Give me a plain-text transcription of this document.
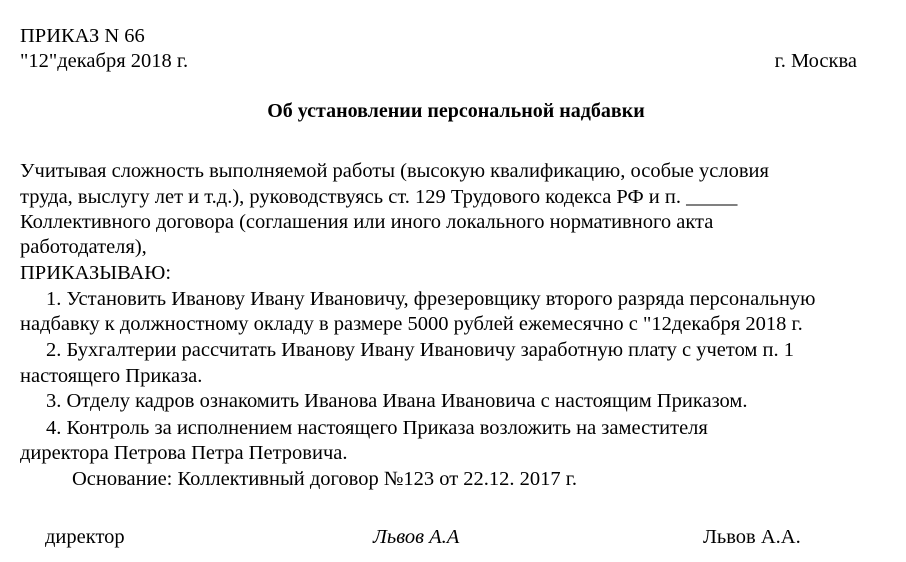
ПРИКАЗ N 66
"12"декабря 2018 г.	г. Москва
Об установлении персональной надбавки
Учитывая сложность выполняемой работы (высокую квалификацию, особые условия
труда, выслугу лет и т.д.), руководствуясь ст. 129 Трудового кодекса РФ и п. _____
Коллективного договора (соглашения или иного локального нормативного акта
работодателя),
ПРИКАЗЫВАЮ:
1. Установить Иванову Ивану Ивановичу, фрезеровщику второго разряда персональную
надбавку к должностному окладу в размере 5000 рублей ежемесячно с "12декабря 2018 г.
2. Бухгалтерии рассчитать Иванову Ивану Ивановичу заработную плату с учетом п. 1
настоящего Приказа.
3. Отделу кадров ознакомить Иванова Ивана Ивановича с настоящим Приказом.
4. Контроль за исполнением настоящего Приказа возложить на заместителя
директора Петрова Петра Петровича.
Основание: Коллективный договор №123 от 22.12. 2017 г.
директор	Львов А.А	Львов А.А.
